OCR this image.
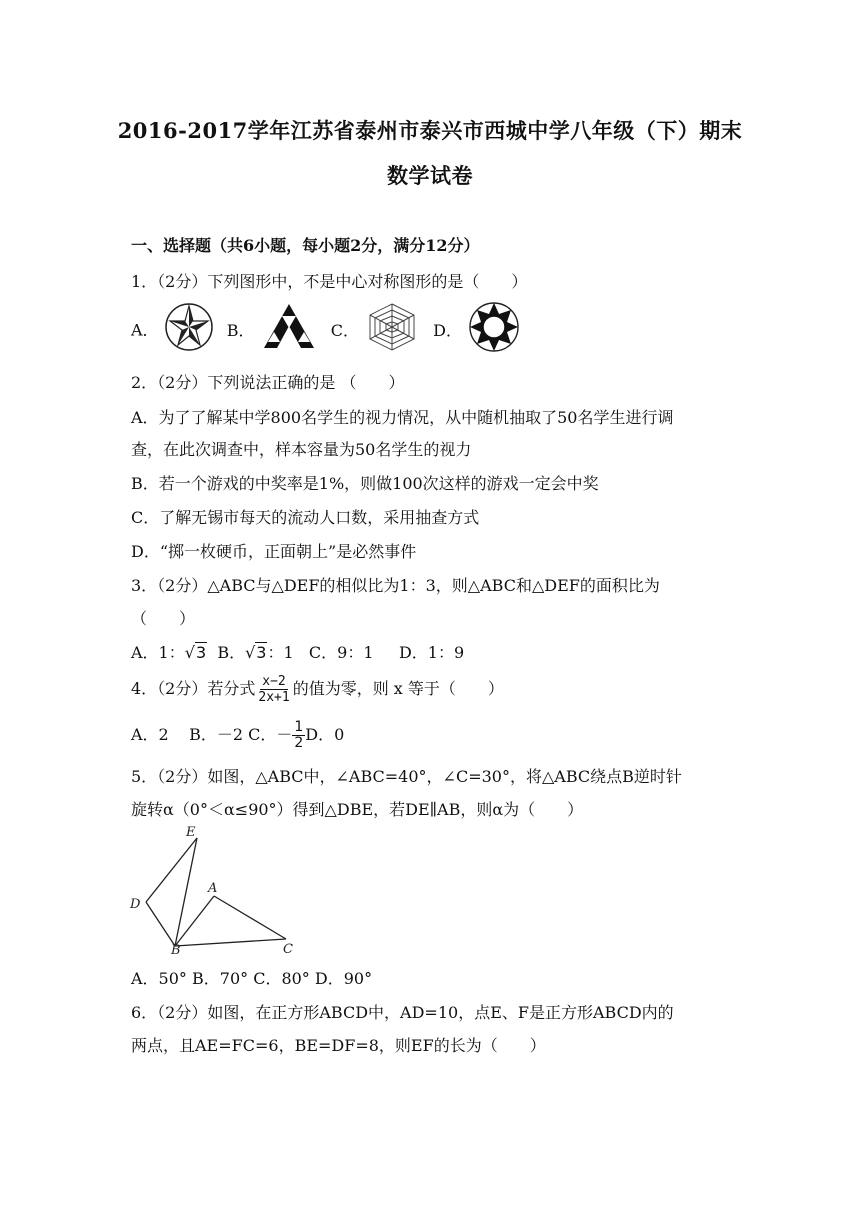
2016-2017学年江苏省泰州市泰兴市西城中学八年级（下）期末
数学试卷
一、选择题（共6小题，每小题2分，满分12分）
1．（2分）下列图形中，不是中心对称图形的是（　　）
A．	B．	C．	D．
2．（2分）下列说法正确的是 （　　）
A．为了了解某中学800名学生的视力情况，从中随机抽取了50名学生进行调
查，在此次调查中，样本容量为50名学生的视力
B．若一个游戏的中奖率是1%，则做100次这样的游戏一定会中奖
C．了解无锡市每天的流动人口数，采用抽查方式
D．“掷一枚硬币，正面朝上”是必然事件
3．（2分）△ABC与△DEF的相似比为1：3，则△ABC和△DEF的面积比为
（　　）
A．1：√3  B．√3：1   C．9：1     D．1：9
4．（2分）若分式 $\frac{x-2}{2x+1}$ 的值为零，则 x 等于（　　）
A．2    B．－2 C．－ $\frac{1}{2}$ D．0
5．（2分）如图，△ABC中，∠ABC=40°，∠C=30°，将△ABC绕点B逆时针
旋转α（0°＜α≤90°）得到△DBE，若DE∥AB，则α为（　　）
E
A
D
B	C
A．50° B．70° C．80° D．90°
6．（2分）如图，在正方形ABCD中，AD=10，点E、F是正方形ABCD内的
两点，且AE=FC=6，BE=DF=8，则EF的长为（　　）
